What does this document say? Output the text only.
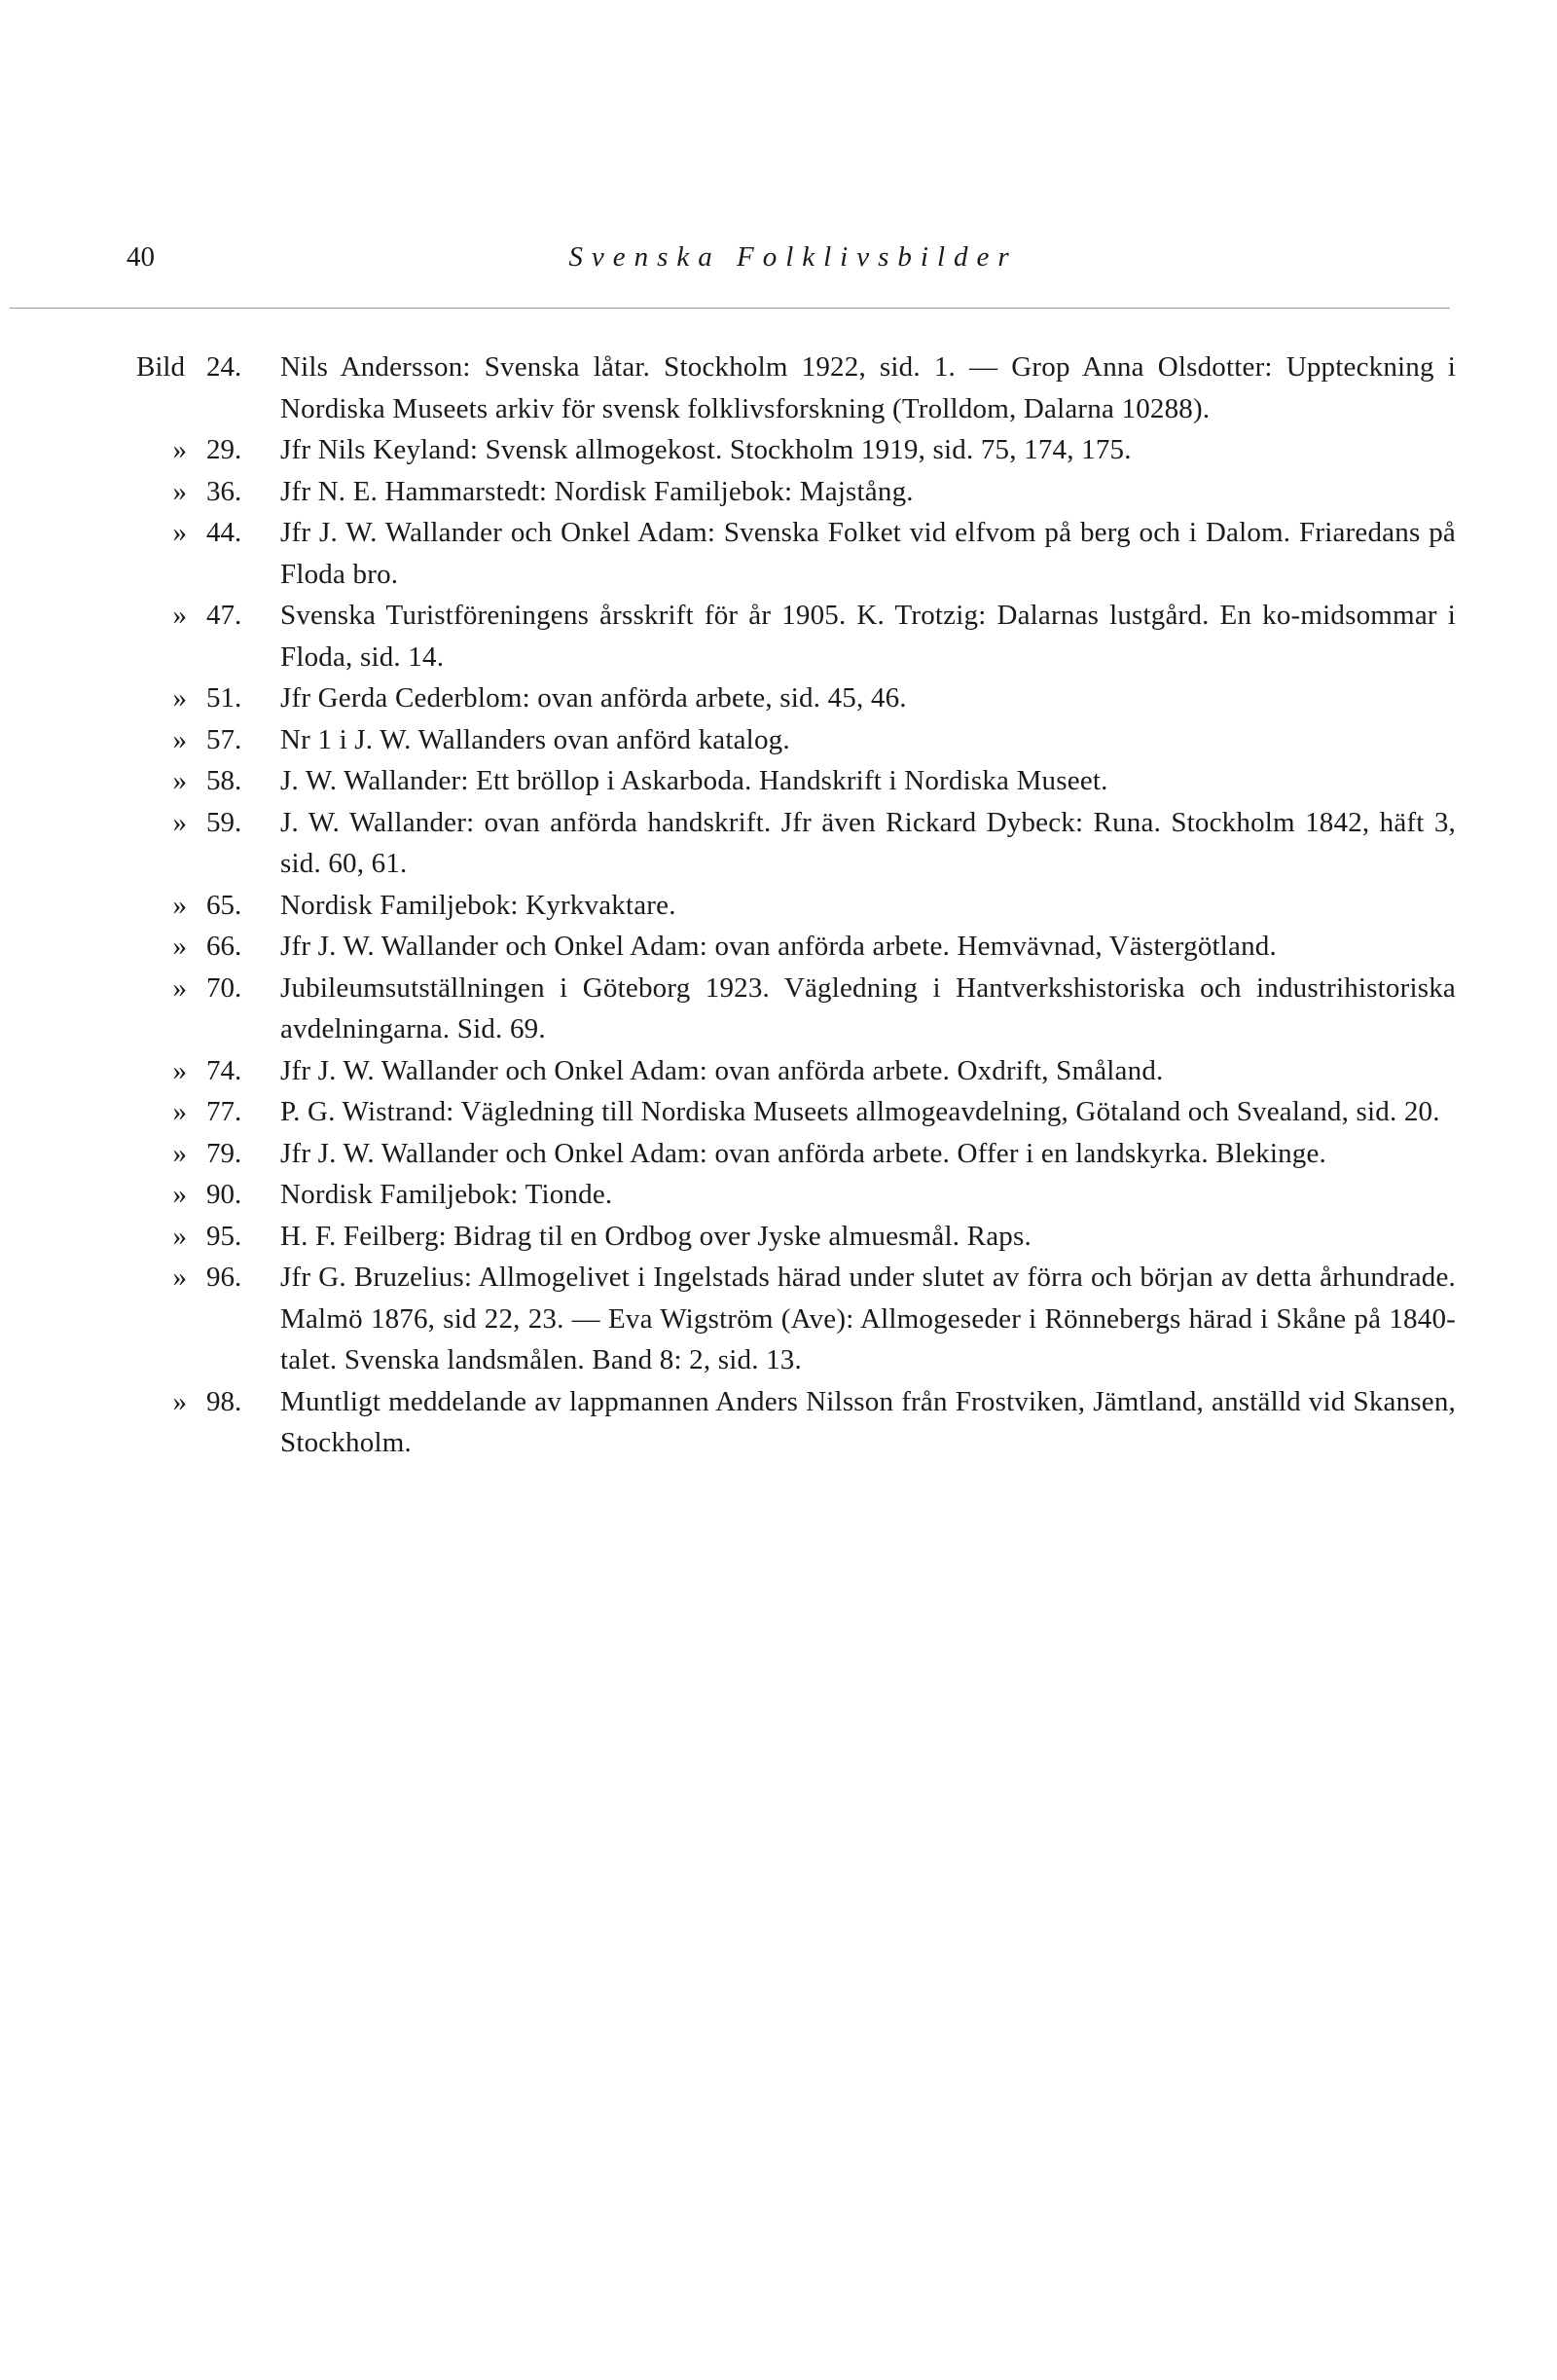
40	Svenska Folklivsbilder
Bild 24.	Nils Andersson: Svenska låtar. Stockholm 1922, sid. 1. — Grop Anna Olsdotter: Uppteckning i Nordiska Museets arkiv för svensk folklivsforskning (Trolldom, Dalarna 10288).
» 29.	Jfr Nils Keyland: Svensk allmogekost. Stockholm 1919, sid. 75, 174, 175.
» 36.	Jfr N. E. Hammarstedt: Nordisk Familjebok: Majstång.
» 44.	Jfr J. W. Wallander och Onkel Adam: Svenska Folket vid elfvom på berg och i Dalom. Friaredans på Floda bro.
» 47.	Svenska Turistföreningens årsskrift för år 1905. K. Trotzig: Dalarnas lustgård. En ko-midsommar i Floda, sid. 14.
» 51.	Jfr Gerda Cederblom: ovan anförda arbete, sid. 45, 46.
» 57.	Nr 1 i J. W. Wallanders ovan anförd katalog.
» 58.	J. W. Wallander: Ett bröllop i Askarboda. Handskrift i Nordiska Museet.
» 59.	J. W. Wallander: ovan anförda handskrift. Jfr även Rickard Dybeck: Runa. Stockholm 1842, häft 3, sid. 60, 61.
» 65.	Nordisk Familjebok: Kyrkvaktare.
» 66.	Jfr J. W. Wallander och Onkel Adam: ovan anförda arbete. Hemvävnad, Västergötland.
» 70.	Jubileumsutställningen i Göteborg 1923. Vägledning i Hantverkshistoriska och industrihistoriska avdelningarna. Sid. 69.
» 74.	Jfr J. W. Wallander och Onkel Adam: ovan anförda arbete. Oxdrift, Småland.
» 77.	P. G. Wistrand: Vägledning till Nordiska Museets allmogeavdelning, Götaland och Svealand, sid. 20.
» 79.	Jfr J. W. Wallander och Onkel Adam: ovan anförda arbete. Offer i en landskyrka. Blekinge.
» 90.	Nordisk Familjebok: Tionde.
» 95.	H. F. Feilberg: Bidrag til en Ordbog over Jyske almuesmål. Raps.
» 96.	Jfr G. Bruzelius: Allmogelivet i Ingelstads härad under slutet av förra och början av detta århundrade. Malmö 1876, sid 22, 23. — Eva Wigström (Ave): Allmogeseder i Rönnebergs härad i Skåne på 1840-talet. Svenska landsmålen. Band 8: 2, sid. 13.
» 98.	Muntligt meddelande av lappmannen Anders Nilsson från Frostviken, Jämtland, anställd vid Skansen, Stockholm.
